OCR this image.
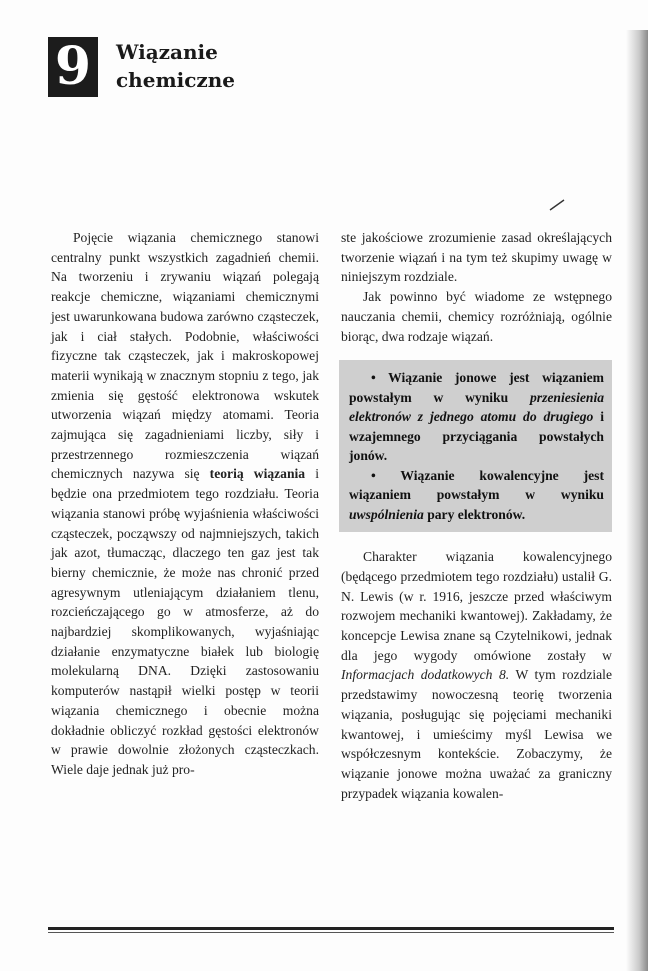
9	Wiązanie
chemiczne

Pojęcie wiązania chemicznego stanowi centralny punkt wszystkich zagadnień chemii. Na tworzeniu i zrywaniu wiązań polegają reakcje chemiczne, wiązaniami chemicznymi jest uwarunkowana budowa zarówno cząsteczek, jak i ciał stałych. Podobnie, właściwości fizyczne tak cząsteczek, jak i makroskopowej materii wynikają w znacznym stopniu z tego, jak zmienia się gęstość elektronowa wskutek utworzenia wiązań między atomami. Teoria zajmująca się zagadnieniami liczby, siły i przestrzennego rozmieszczenia wiązań chemicznych nazywa się teorią wiązania i będzie ona przedmiotem tego rozdziału. Teoria wiązania stanowi próbę wyjaśnienia właściwości cząsteczek, począwszy od najmniejszych, takich jak azot, tłumacząc, dlaczego ten gaz jest tak bierny chemicznie, że może nas chronić przed agresywnym utleniającym działaniem tlenu, rozcieńczającego go w atmosferze, aż do najbardziej skomplikowanych, wyjaśniając działanie enzymatyczne białek lub biologię molekularną DNA. Dzięki zastosowaniu komputerów nastąpił wielki postęp w teorii wiązania chemicznego i obecnie można dokładnie obliczyć rozkład gęstości elektronów w prawie dowolnie złożonych cząsteczkach. Wiele daje jednak już pro-

ste jakościowe zrozumienie zasad określających tworzenie wiązań i na tym też skupimy uwagę w niniejszym rozdziale.

Jak powinno być wiadome ze wstępnego nauczania chemii, chemicy rozróżniają, ogólnie biorąc, dwa rodzaje wiązań.

• Wiązanie jonowe jest wiązaniem powstałym w wyniku przeniesienia elektronów z jednego atomu do drugiego i wzajemnego przyciągania powstałych jonów.

• Wiązanie kowalencyjne jest wiązaniem powstałym w wyniku uwspólnienia pary elektronów.

Charakter wiązania kowalencyjnego (będącego przedmiotem tego rozdziału) ustalił G. N. Lewis (w r. 1916, jeszcze przed właściwym rozwojem mechaniki kwantowej). Zakładamy, że koncepcje Lewisa znane są Czytelnikowi, jednak dla jego wygody omówione zostały w Informacjach dodatkowych 8. W tym rozdziale przedstawimy nowoczesną teorię tworzenia wiązania, posługując się pojęciami mechaniki kwantowej, i umieścimy myśl Lewisa we współczesnym kontekście. Zobaczymy, że wiązanie jonowe można uważać za graniczny przypadek wiązania kowalen-
